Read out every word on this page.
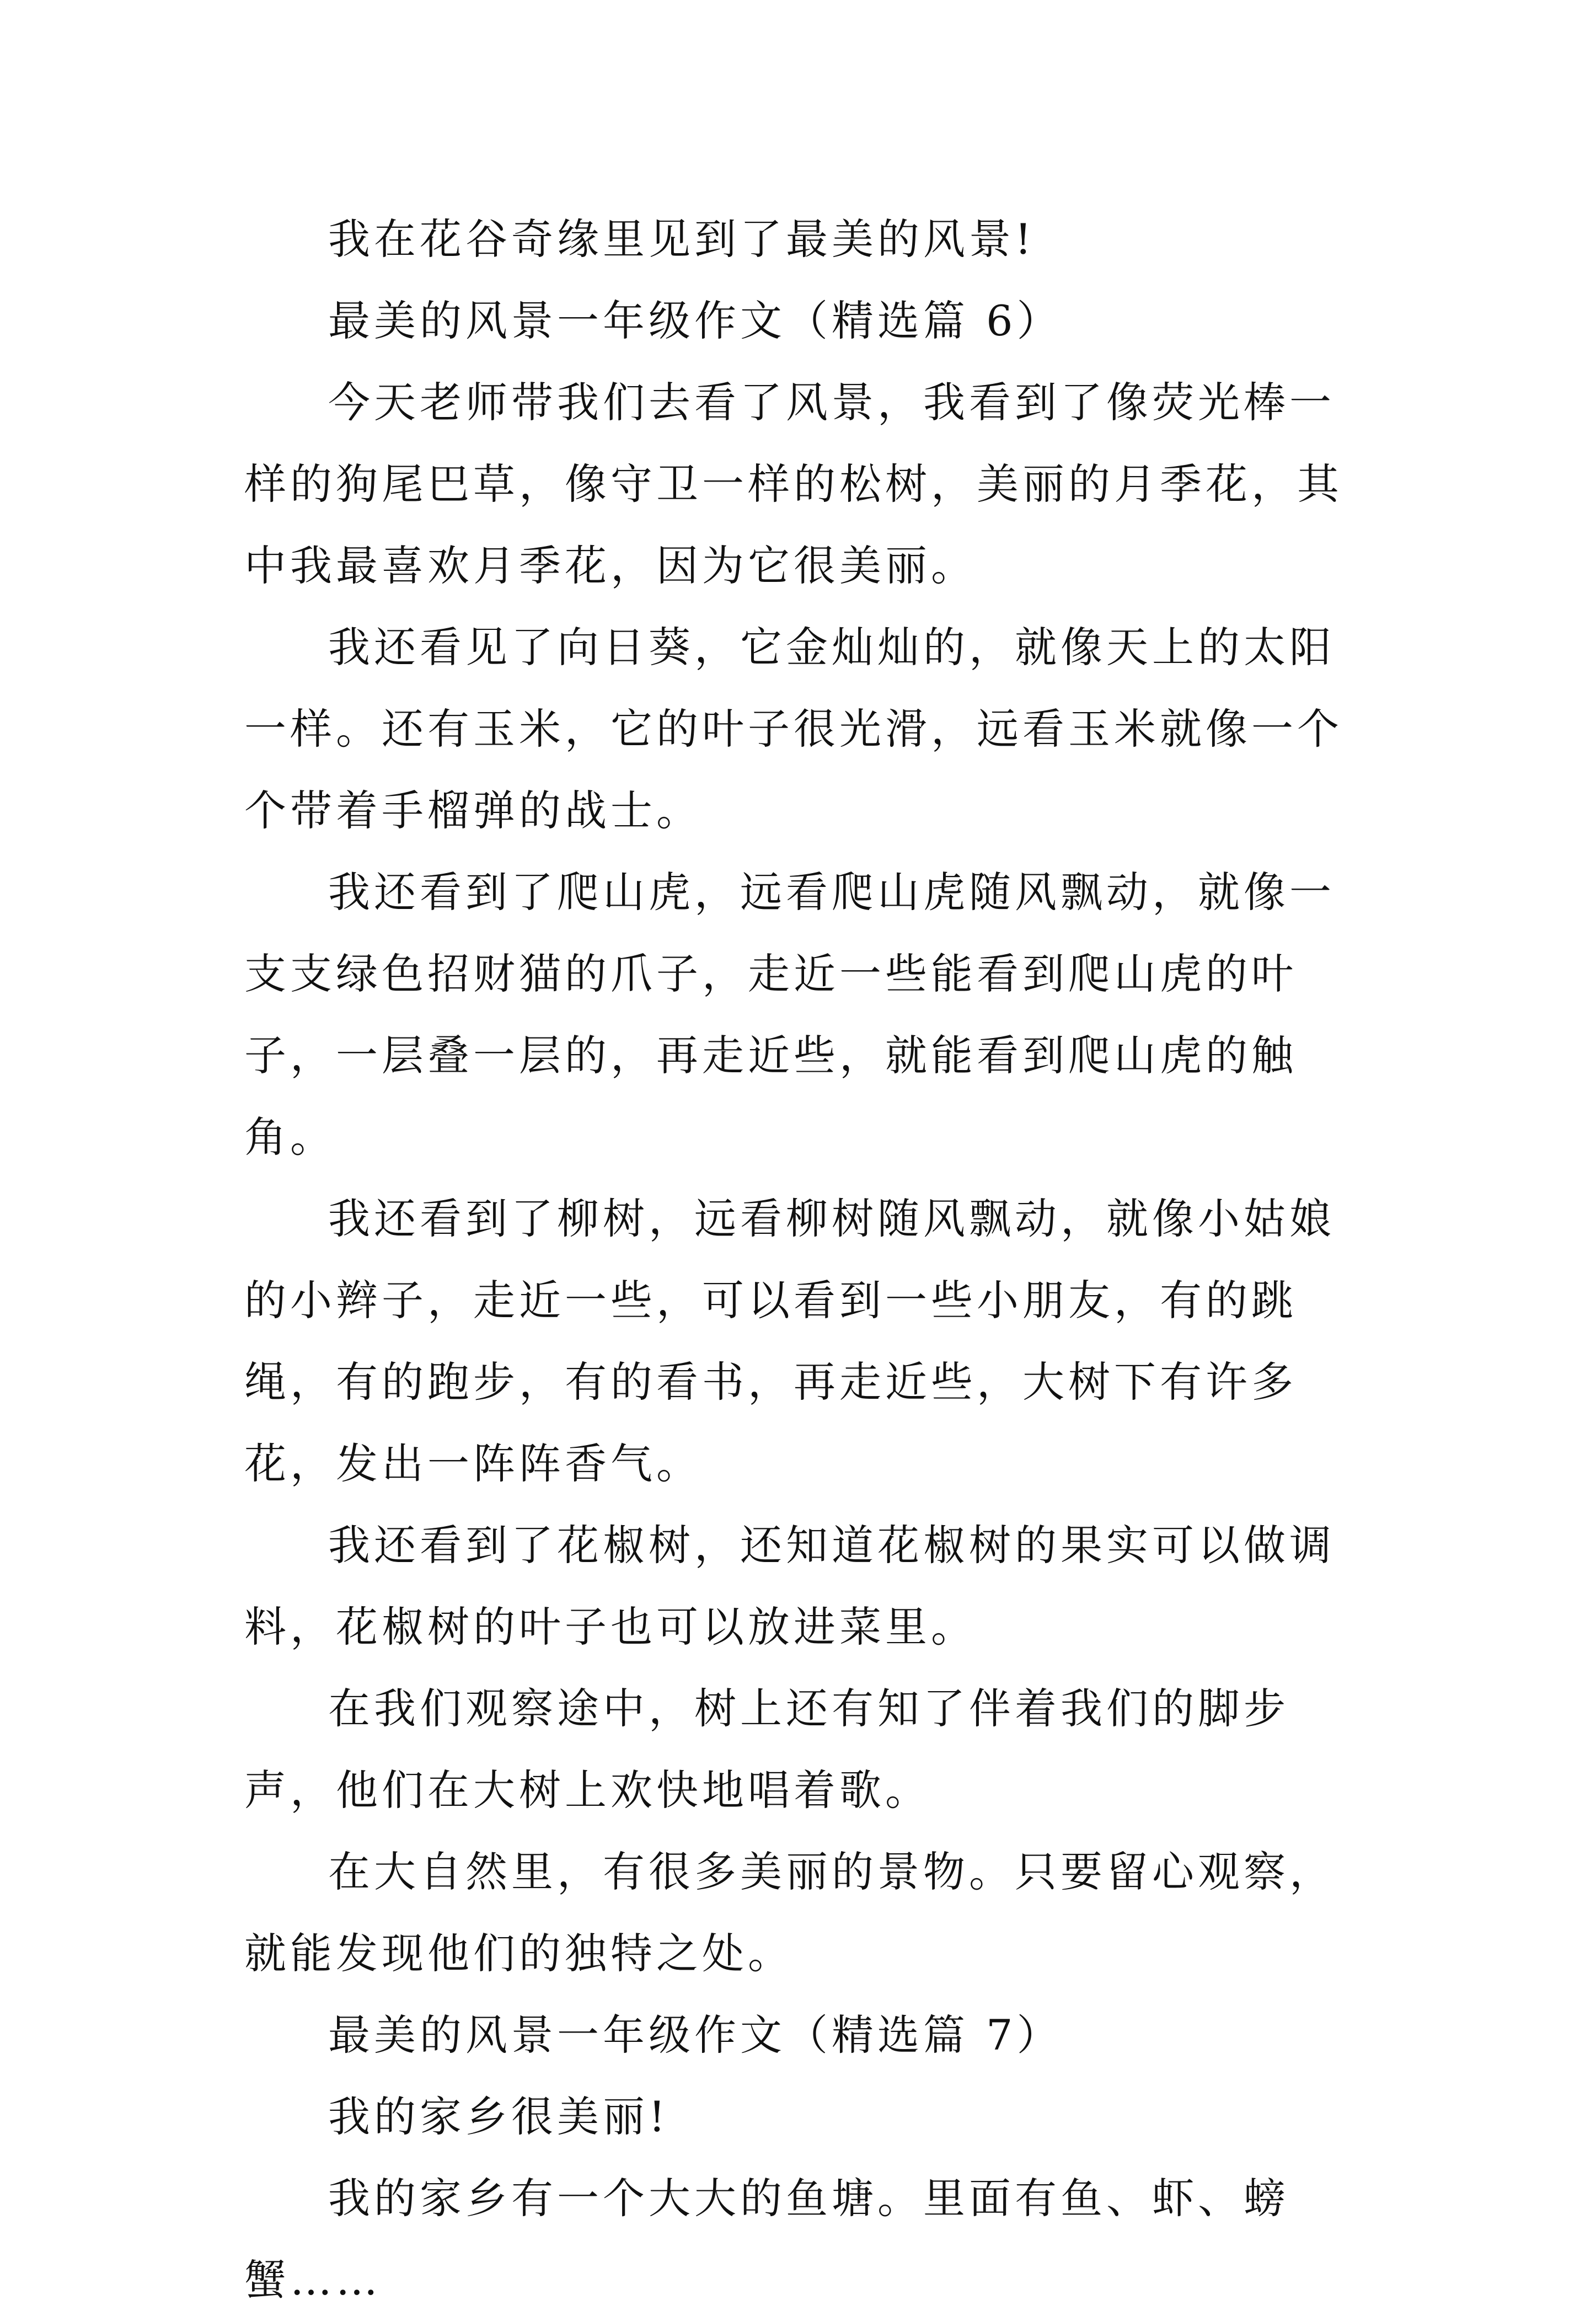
我在花谷奇缘里见到了最美的风景!

最美的风景一年级作文（精选篇 6）

今天老师带我们去看了风景，我看到了像荧光棒一样的狗尾巴草，像守卫一样的松树，美丽的月季花，其中我最喜欢月季花，因为它很美丽。

我还看见了向日葵，它金灿灿的，就像天上的太阳一样。还有玉米，它的叶子很光滑，远看玉米就像一个个带着手榴弹的战士。

我还看到了爬山虎，远看爬山虎随风飘动，就像一支支绿色招财猫的爪子，走近一些能看到爬山虎的叶子，一层叠一层的，再走近些，就能看到爬山虎的触角。

我还看到了柳树，远看柳树随风飘动，就像小姑娘的小辫子，走近一些，可以看到一些小朋友，有的跳绳，有的跑步，有的看书，再走近些，大树下有许多花，发出一阵阵香气。

我还看到了花椒树，还知道花椒树的果实可以做调料，花椒树的叶子也可以放进菜里。

在我们观察途中，树上还有知了伴着我们的脚步声，他们在大树上欢快地唱着歌。

在大自然里，有很多美丽的景物。只要留心观察，就能发现他们的独特之处。

最美的风景一年级作文（精选篇 7）

我的家乡很美丽!

我的家乡有一个大大的鱼塘。里面有鱼、虾、螃蟹……
